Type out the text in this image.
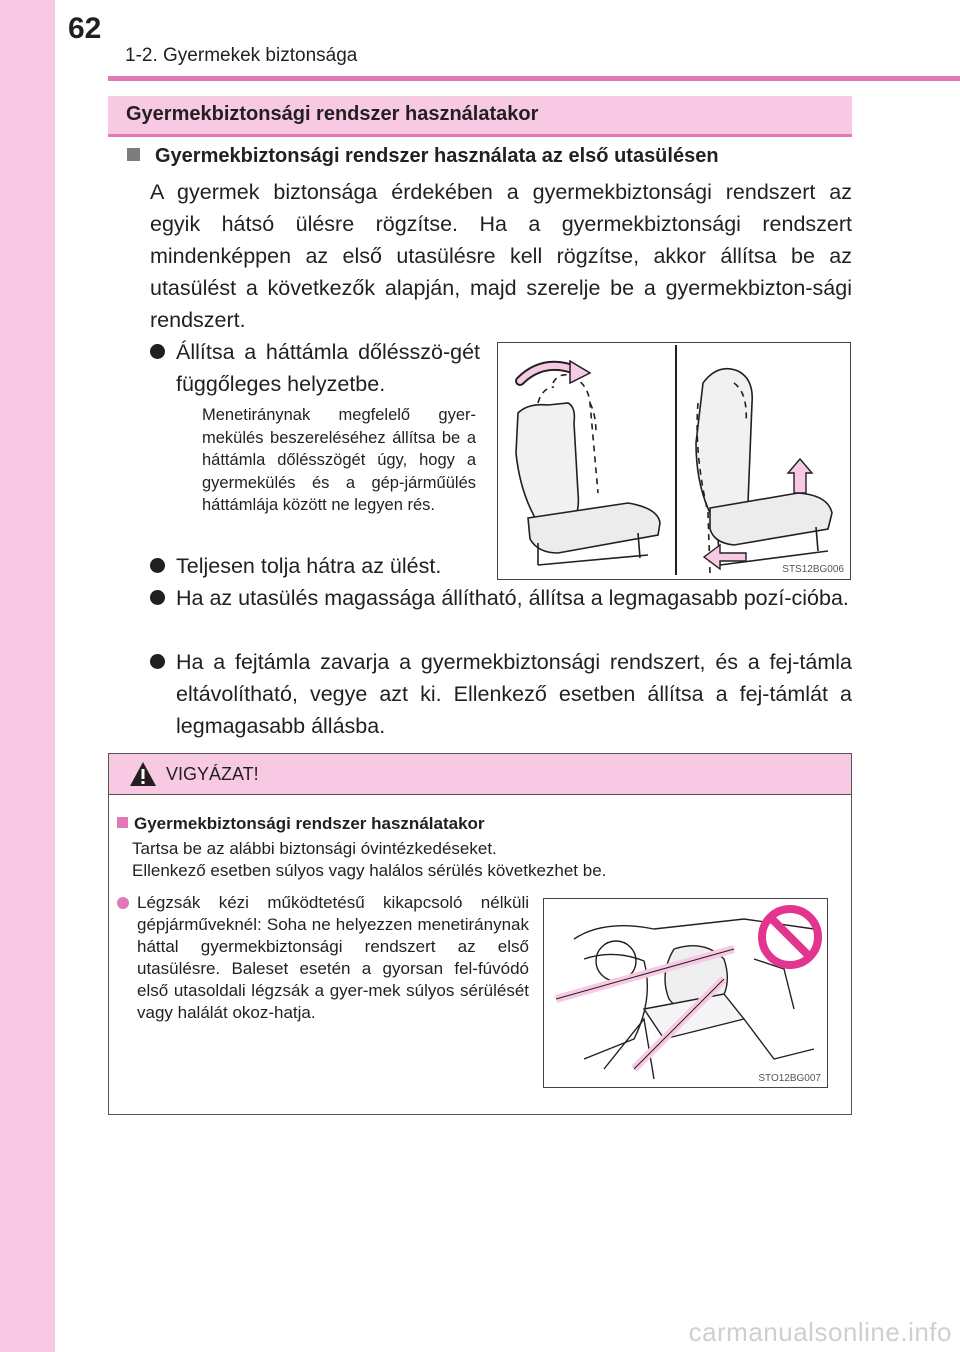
62
1-2. Gyermekek biztonsága
Gyermekbiztonsági rendszer használatakor
Gyermekbiztonsági rendszer használata az első utasülésen
A gyermek biztonsága érdekében a gyermekbiztonsági rendszert az egyik hátsó ülésre rögzítse. Ha a gyermekbiztonsági rendszert mindenképpen az első utasülésre kell rögzítse, akkor állítsa be az utasülést a következők alapján, majd szerelje be a gyermekbizton-sági rendszert.
Állítsa a háttámla dőlésszö-gét függőleges helyzetbe.
Menetiránynak megfelelő gyer-mekülés beszereléséhez állítsa be a háttámla dőlésszögét úgy, hogy a gyermekülés és a gép-járműülés háttámlája között ne legyen rés.
Teljesen tolja hátra az ülést.
Ha az utasülés magassága állítható, állítsa a legmagasabb pozí-cióba.
Ha a fejtámla zavarja a gyermekbiztonsági rendszert, és a fej-támla eltávolítható, vegye azt ki. Ellenkező esetben állítsa a fej-támlát a legmagasabb állásba.
STS12BG006
VIGYÁZAT!
Gyermekbiztonsági rendszer használatakor
Tartsa be az alábbi biztonsági óvintézkedéseket.
Ellenkező esetben súlyos vagy halálos sérülés következhet be.
Légzsák kézi működtetésű kikapcsoló nélküli gépjárműveknél: Soha ne helyezzen menetiránynak háttal gyermekbiztonsági rendszert az első utasülésre. Baleset esetén a gyorsan fel-fúvódó első utasoldali légzsák a gyer-mek súlyos sérülését vagy halálát okoz-hatja.
STO12BG007
carmanualsonline.info
